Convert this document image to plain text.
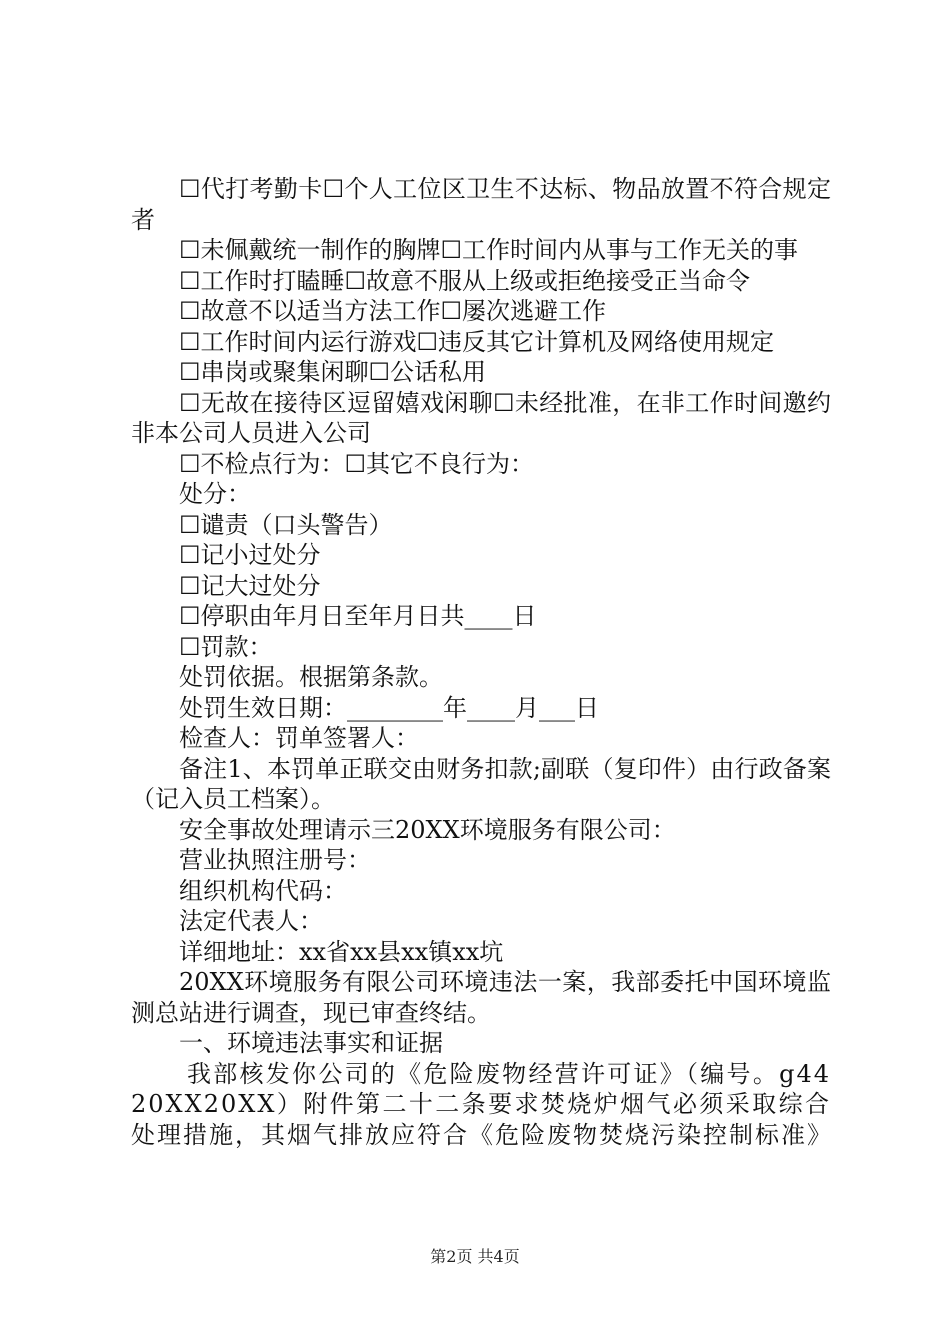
☐代打考勤卡☐个人工位区卫生不达标、物品放置不符合规定者

☐未佩戴统一制作的胸牌☐工作时间内从事与工作无关的事

☐工作时打瞌睡☐故意不服从上级或拒绝接受正当命令

☐故意不以适当方法工作☐屡次逃避工作

☐工作时间内运行游戏☐违反其它计算机及网络使用规定

☐串岗或聚集闲聊☐公话私用

☐无故在接待区逗留嬉戏闲聊☐未经批准，在非工作时间邀约非本公司人员进入公司

☐不检点行为：☐其它不良行为：

处分：

☐谴责（口头警告）

☐记小过处分

☐记大过处分

☐停职由年月日至年月日共____日

☐罚款：

处罚依据。根据第条款。

处罚生效日期：________年____月___日

检查人：罚单签署人：

备注1、本罚单正联交由财务扣款;副联（复印件）由行政备案（记入员工档案）。

安全事故处理请示三20XX环境服务有限公司：

营业执照注册号：

组织机构代码：

法定代表人：

详细地址：xx省xx县xx镇xx坑

20XX环境服务有限公司环境违法一案，我部委托中国环境监测总站进行调查，现已审查终结。

一、环境违法事实和证据

我部核发你公司的《危险废物经营许可证》（编号。g4420XX20XX）附件第二十二条要求焚烧炉烟气必须采取综合处理措施，其烟气排放应符合《危险废物焚烧污染控制标准》

第2页 共4页
